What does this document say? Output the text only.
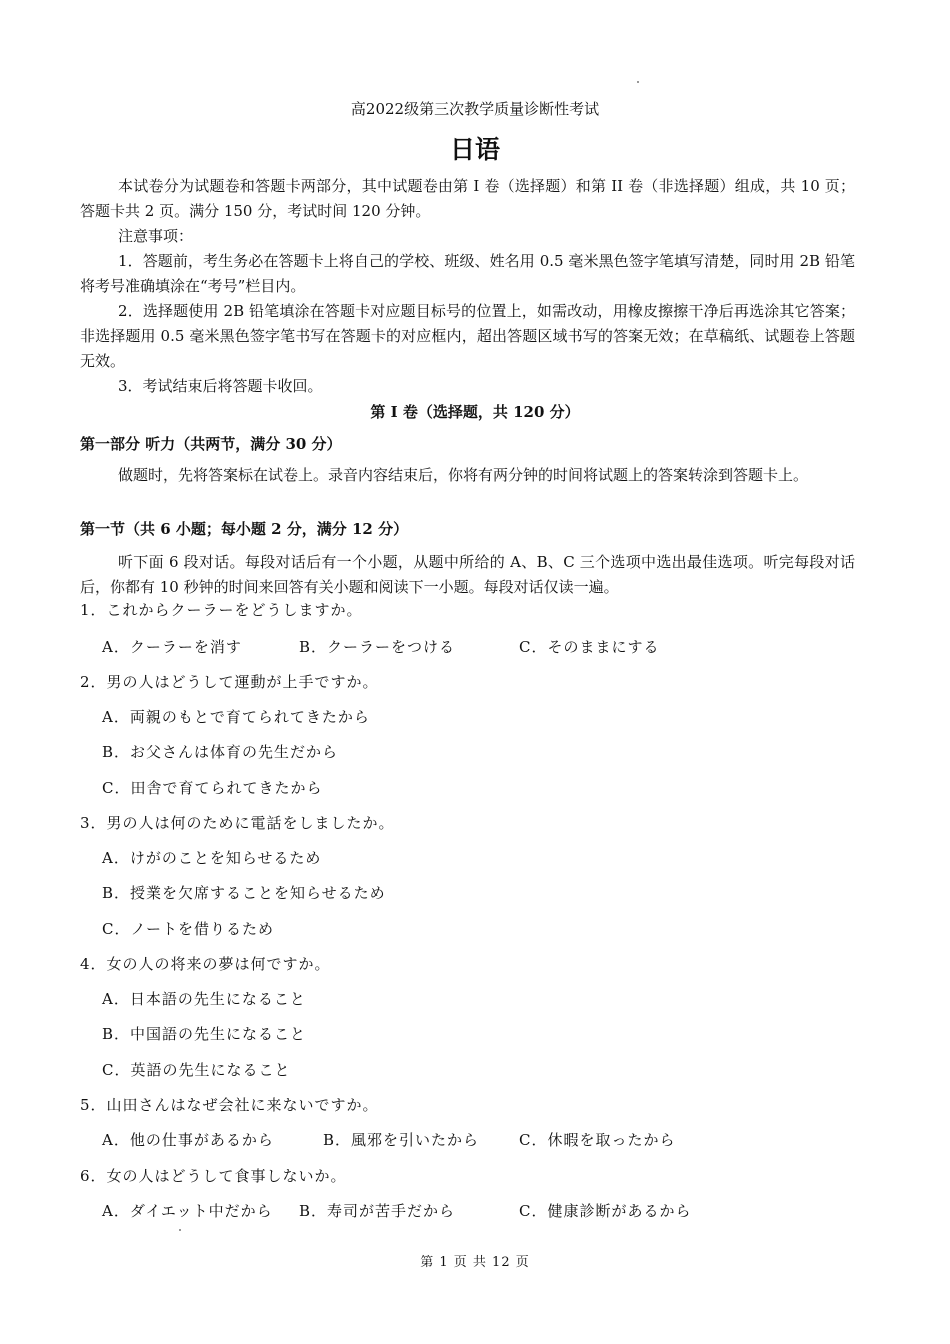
高2022级第三次教学质量诊断性考试
日语
本试卷分为试题卷和答题卡两部分，其中试题卷由第 I 卷（选择题）和第 II 卷（非选择题）组成，共 10 页；答题卡共 2 页。满分 150 分，考试时间 120 分钟。
注意事项：
1．答题前，考生务必在答题卡上将自己的学校、班级、姓名用 0.5 毫米黑色签字笔填写清楚，同时用 2B 铅笔将考号准确填涂在“考号”栏目内。
2．选择题使用 2B 铅笔填涂在答题卡对应题目标号的位置上，如需改动，用橡皮擦擦干净后再选涂其它答案；非选择题用 0.5 毫米黑色签字笔书写在答题卡的对应框内，超出答题区域书写的答案无效；在草稿纸、试题卷上答题无效。
3．考试结束后将答题卡收回。
第 I 卷（选择题，共 120 分）
第一部分 听力（共两节，满分 30 分）
做题时，先将答案标在试卷上。录音内容结束后，你将有两分钟的时间将试题上的答案转涂到答题卡上。
第一节（共 6 小题；每小题 2 分，满分 12 分）
听下面 6 段对话。每段对话后有一个小题，从题中所给的 A、B、C 三个选项中选出最佳选项。听完每段对话后，你都有 10 秒钟的时间来回答有关小题和阅读下一小题。每段对话仅读一遍。
1．これからクーラーをどうしますか。
A．クーラーを消す	B．クーラーをつける	C．そのままにする
2．男の人はどうして運動が上手ですか。
A．両親のもとで育てられてきたから
B．お父さんは体育の先生だから
C．田舎で育てられてきたから
3．男の人は何のために電話をしましたか。
A．けがのことを知らせるため
B．授業を欠席することを知らせるため
C．ノートを借りるため
4．女の人の将来の夢は何ですか。
A．日本語の先生になること
B．中国語の先生になること
C．英語の先生になること
5．山田さんはなぜ会社に来ないですか。
A．他の仕事があるから	B．風邪を引いたから	C．休暇を取ったから
6．女の人はどうして食事しないか。
A．ダイエット中だから B．寿司が苦手だから	C．健康診断があるから
第 1 页 共 12 页
